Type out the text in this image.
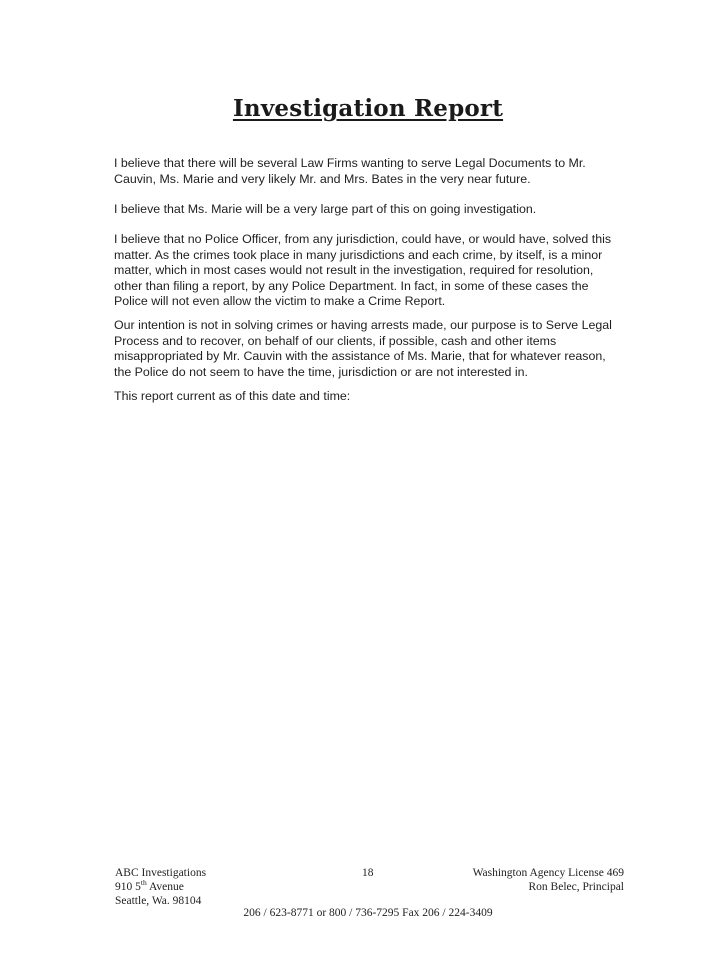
Investigation Report

I believe that there will be several Law Firms wanting to serve Legal Documents to Mr. Cauvin, Ms. Marie and very likely Mr. and Mrs. Bates in the very near future.

I believe that Ms. Marie will be a very large part of this on going investigation.

I believe that no Police Officer, from any jurisdiction, could have, or would have, solved this matter. As the crimes took place in many jurisdictions and each crime, by itself, is a minor matter, which in most cases would not result in the investigation, required for resolution, other than filing a report, by any Police Department. In fact, in some of these cases the Police will not even allow the victim to make a Crime Report.

Our intention is not in solving crimes or having arrests made, our purpose is to Serve Legal Process and to recover, on behalf of our clients, if possible, cash and other items misappropriated by Mr. Cauvin with the assistance of Ms. Marie, that for whatever reason, the Police do not seem to have the time, jurisdiction or are not interested in.

This report current as of this date and time:

ABC Investigations
910 5th Avenue
Seattle, Wa. 98104
18	Washington Agency License 469
Ron Belec, Principal
206 / 623-8771 or 800 / 736-7295 Fax 206 / 224-3409
